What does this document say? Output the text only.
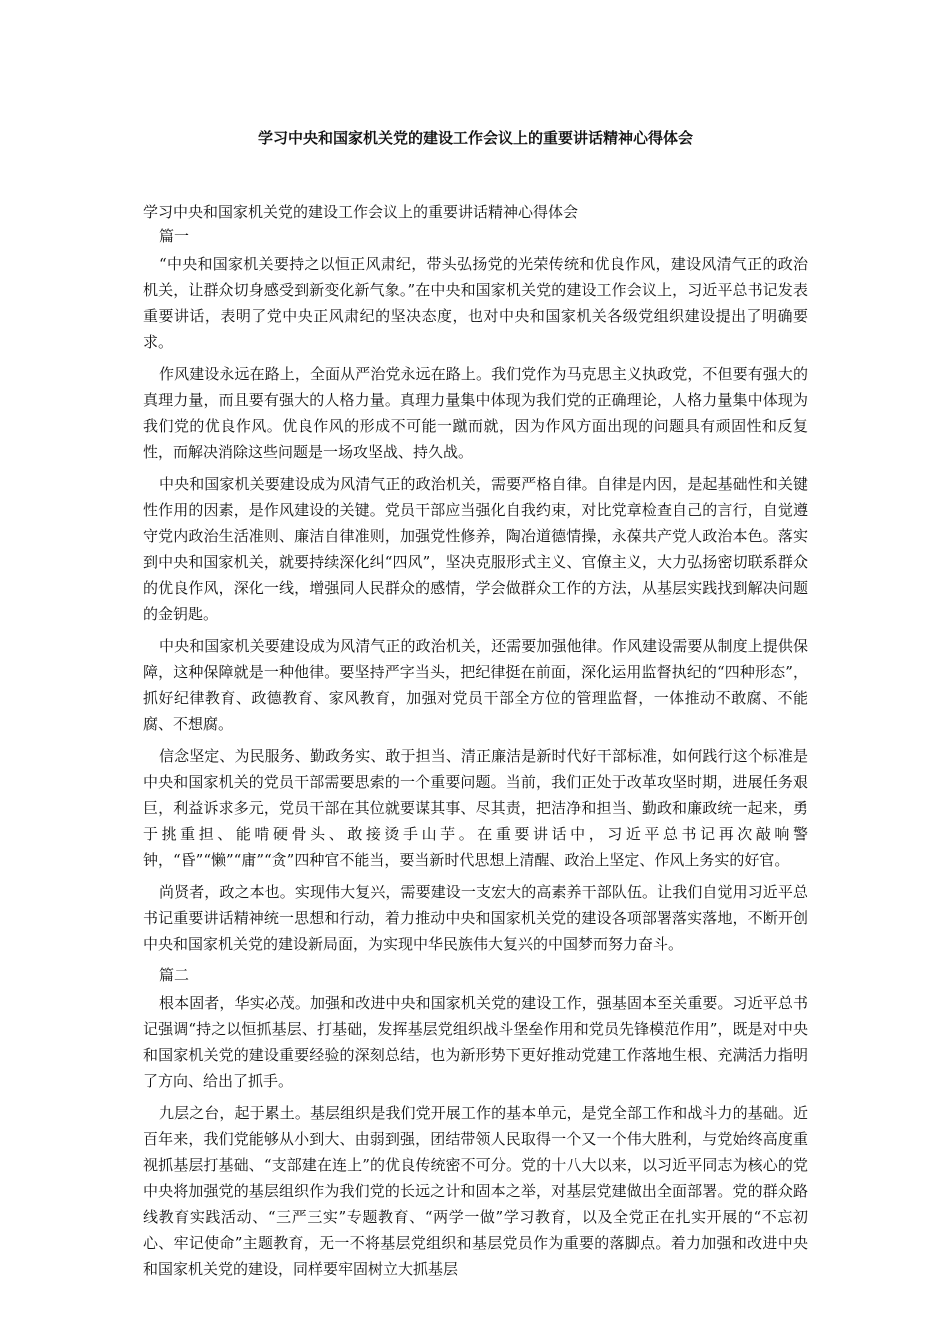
学习中央和国家机关党的建设工作会议上的重要讲话精神心得体会

学习中央和国家机关党的建设工作会议上的重要讲话精神心得体会

篇一

“中央和国家机关要持之以恒正风肃纪，带头弘扬党的光荣传统和优良作风，建设风清气正的政治机关，让群众切身感受到新变化新气象。”在中央和国家机关党的建设工作会议上，习近平总书记发表重要讲话，表明了党中央正风肃纪的坚决态度，也对中央和国家机关各级党组织建设提出了明确要求。

作风建设永远在路上，全面从严治党永远在路上。我们党作为马克思主义执政党，不但要有强大的真理力量，而且要有强大的人格力量。真理力量集中体现为我们党的正确理论，人格力量集中体现为我们党的优良作风。优良作风的形成不可能一蹴而就，因为作风方面出现的问题具有顽固性和反复性，而解决消除这些问题是一场攻坚战、持久战。

中央和国家机关要建设成为风清气正的政治机关，需要严格自律。自律是内因，是起基础性和关键性作用的因素，是作风建设的关键。党员干部应当强化自我约束，对比党章检查自己的言行，自觉遵守党内政治生活准则、廉洁自律准则，加强党性修养，陶冶道德情操，永葆共产党人政治本色。落实到中央和国家机关，就要持续深化纠“四风”，坚决克服形式主义、官僚主义，大力弘扬密切联系群众的优良作风，深化一线，增强同人民群众的感情，学会做群众工作的方法，从基层实践找到解决问题的金钥匙。

中央和国家机关要建设成为风清气正的政治机关，还需要加强他律。作风建设需要从制度上提供保障，这种保障就是一种他律。要坚持严字当头，把纪律挺在前面，深化运用监督执纪的“四种形态”，抓好纪律教育、政德教育、家风教育，加强对党员干部全方位的管理监督，一体推动不敢腐、不能腐、不想腐。

信念坚定、为民服务、勤政务实、敢于担当、清正廉洁是新时代好干部标准，如何践行这个标准是中央和国家机关的党员干部需要思索的一个重要问题。当前，我们正处于改革攻坚时期，进展任务艰巨，利益诉求多元，党员干部在其位就要谋其事、尽其责，把洁净和担当、勤政和廉政统一起来，勇于挑重担、能啃硬骨头、敢接烫手山芋。在重要讲话中，习近平总书记再次敲响警钟，“昏”“懒”“庸”“贪”四种官不能当，要当新时代思想上清醒、政治上坚定、作风上务实的好官。

尚贤者，政之本也。实现伟大复兴，需要建设一支宏大的高素养干部队伍。让我们自觉用习近平总书记重要讲话精神统一思想和行动，着力推动中央和国家机关党的建设各项部署落实落地，不断开创中央和国家机关党的建设新局面，为实现中华民族伟大复兴的中国梦而努力奋斗。

篇二

根本固者，华实必茂。加强和改进中央和国家机关党的建设工作，强基固本至关重要。习近平总书记强调“持之以恒抓基层、打基础，发挥基层党组织战斗堡垒作用和党员先锋模范作用”，既是对中央和国家机关党的建设重要经验的深刻总结，也为新形势下更好推动党建工作落地生根、充满活力指明了方向、给出了抓手。

九层之台，起于累土。基层组织是我们党开展工作的基本单元，是党全部工作和战斗力的基础。近百年来，我们党能够从小到大、由弱到强，团结带领人民取得一个又一个伟大胜利，与党始终高度重视抓基层打基础、“支部建在连上”的优良传统密不可分。党的十八大以来，以习近平同志为核心的党中央将加强党的基层组织作为我们党的长远之计和固本之举，对基层党建做出全面部署。党的群众路线教育实践活动、“三严三实”专题教育、“两学一做”学习教育，以及全党正在扎实开展的“不忘初心、牢记使命”主题教育，无一不将基层党组织和基层党员作为重要的落脚点。着力加强和改进中央和国家机关党的建设，同样要牢固树立大抓基层
